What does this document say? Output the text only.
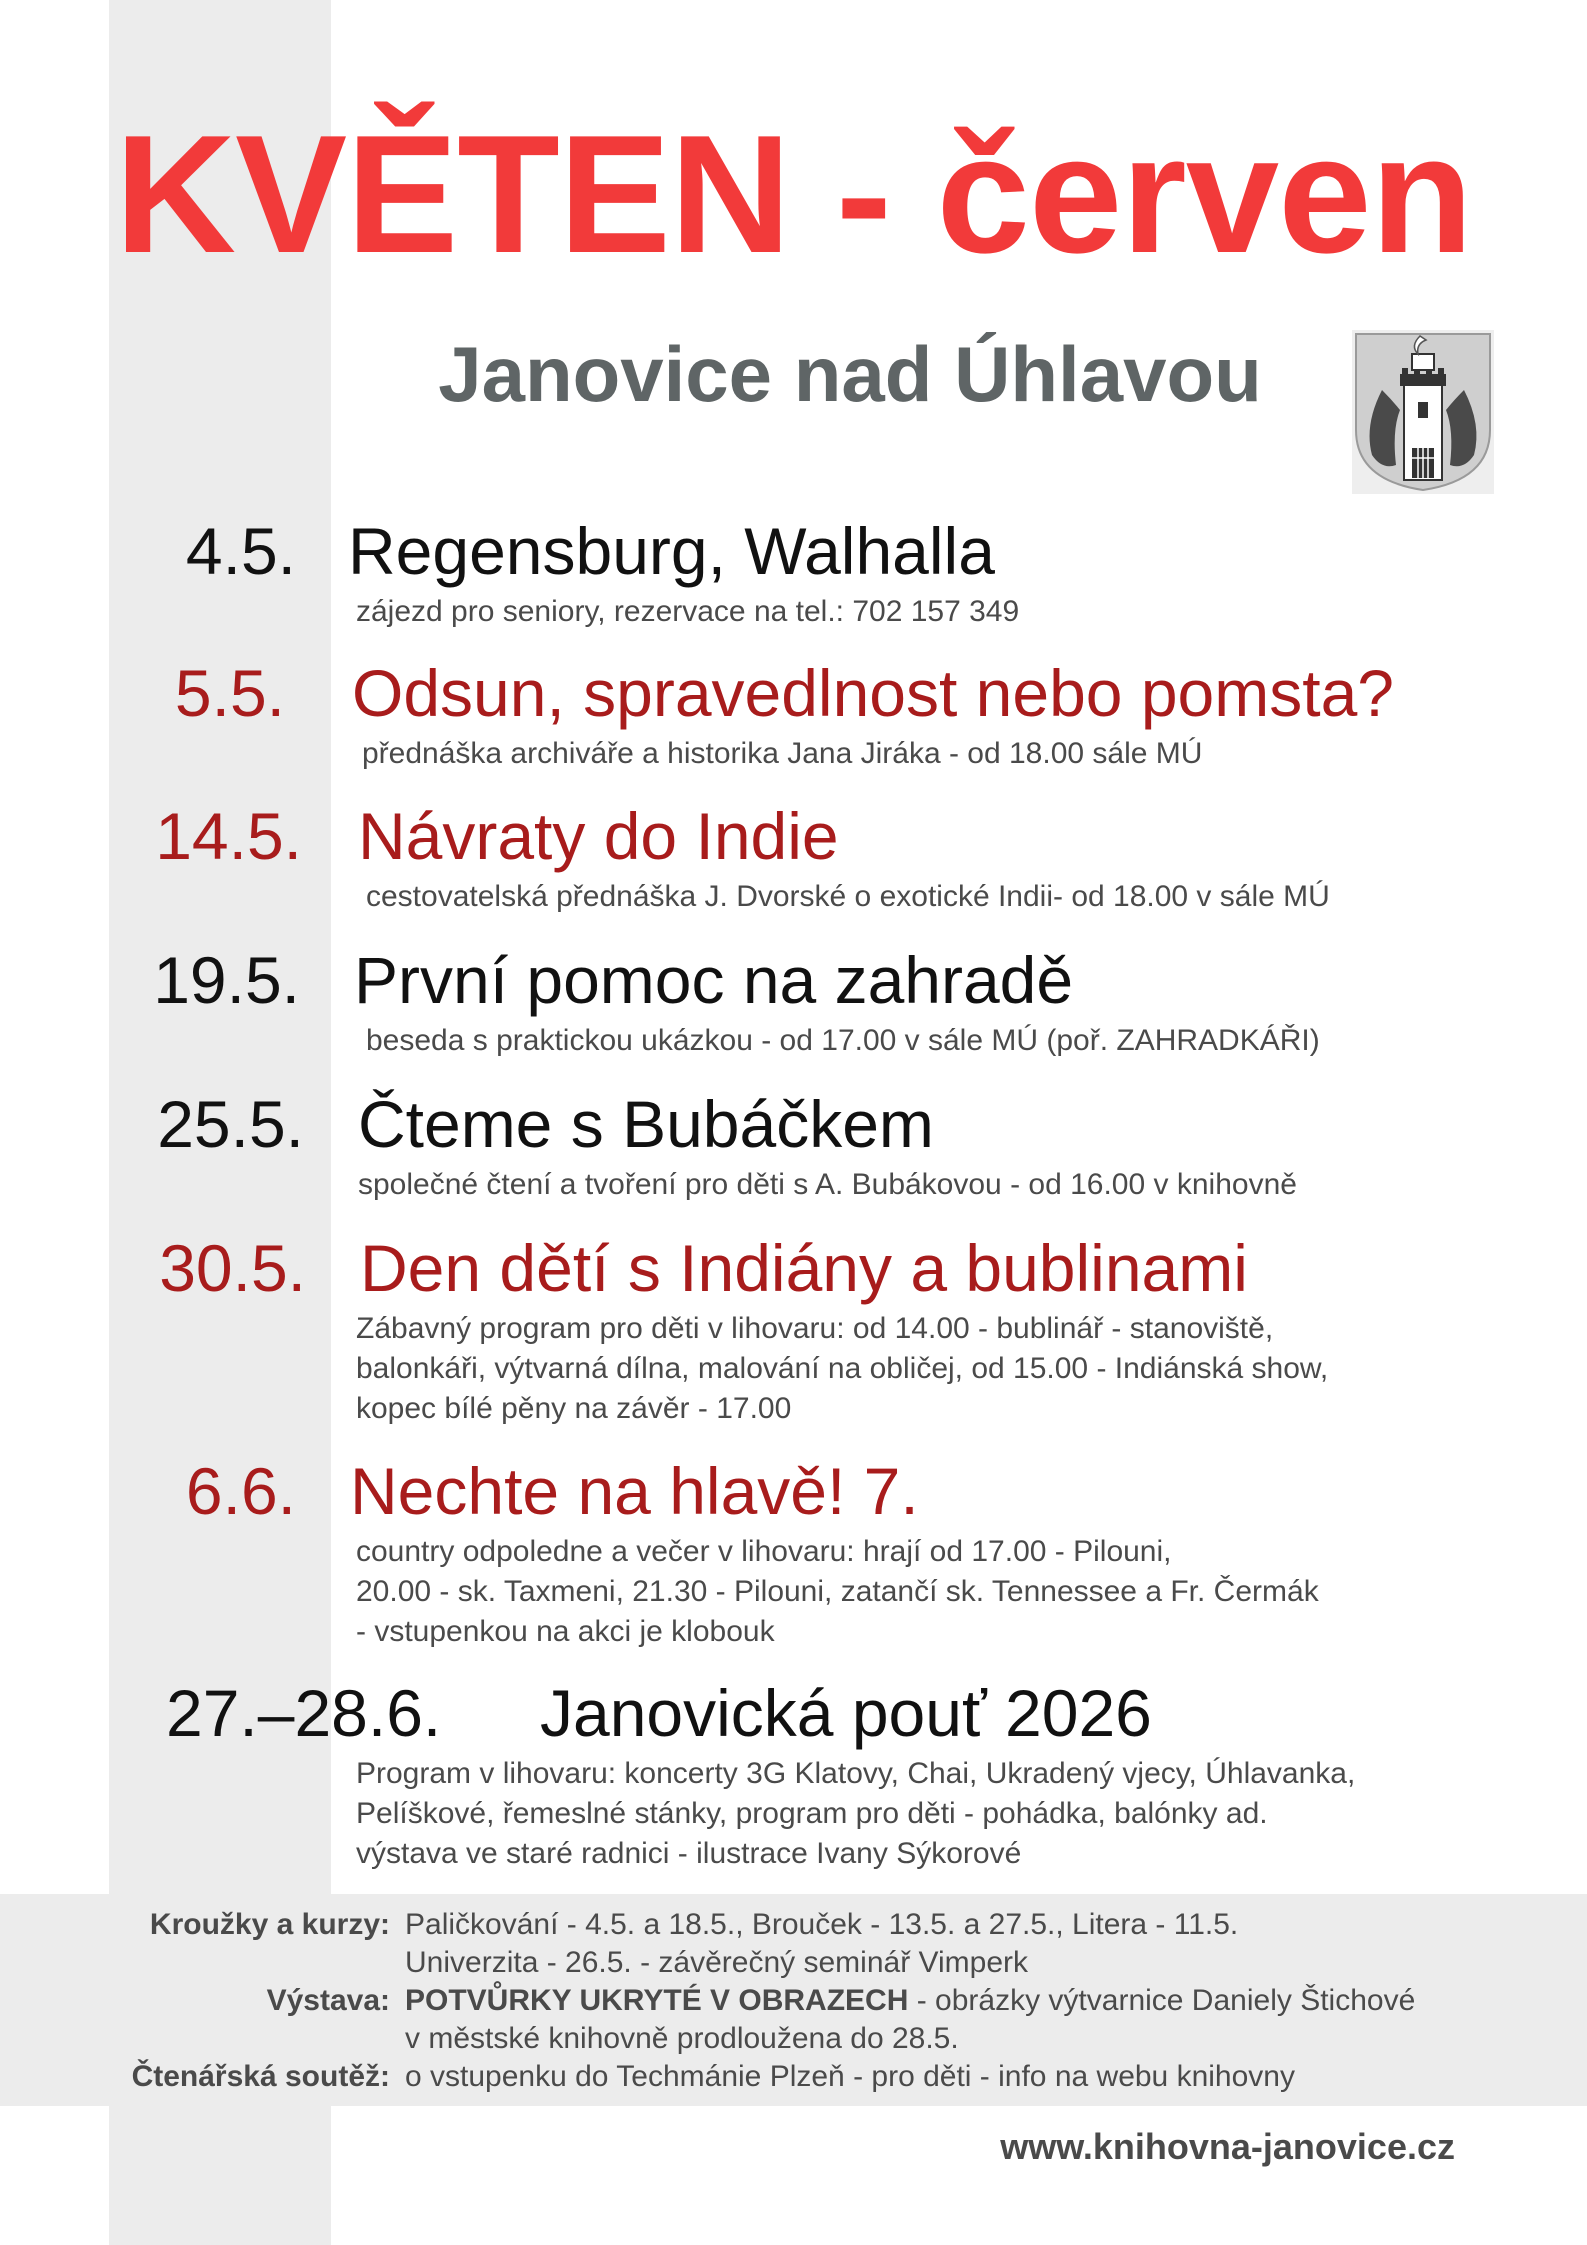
KVĚTEN - červen
Janovice nad Úhlavou

4.5. Regensburg, Walhalla

zájezd pro seniory, rezervace na tel.: 702 157 349

5.5. Odsun, spravedlnost nebo pomsta?

přednáška archiváře a historika Jana Jiráka - od 18.00 sále MÚ

14.5. Návraty do Indie

cestovatelská přednáška J. Dvorské o exotické Indii- od 18.00 v sále MÚ

19.5. První pomoc na zahradě

beseda s praktickou ukázkou - od 17.00 v sále MÚ (poř. ZAHRADKÁŘI)

25.5. Čteme s Bubáčkem

společné čtení a tvoření pro děti s A. Bubákovou - od 16.00 v knihovně

30.5. Den dětí s Indiány a bublinami

Zábavný program pro děti v lihovaru: od 14.00 - bublinář - stanoviště,
balonkáři, výtvarná dílna, malování na obličej, od 15.00 - Indiánská show,
kopec bílé pěny na závěr - 17.00

6.6. Nechte na hlavě! 7.

country odpoledne a večer v lihovaru: hrají od 17.00 - Pilouni,
20.00 - sk. Taxmeni, 21.30 - Pilouni, zatančí sk. Tennessee a Fr. Čermák
- vstupenkou na akci je klobouk

27.–28.6.	Janovická pouť 2026

Program v lihovaru: koncerty 3G Klatovy, Chai, Ukradený vjecy, Úhlavanka,
Pelíškové, řemeslné stánky, program pro děti - pohádka, balónky ad.
výstava ve staré radnici - ilustrace Ivany Sýkorové
Kroužky a kurzy: Paličkování - 4.5. a 18.5., Brouček - 13.5. a 27.5., Litera - 11.5.
Univerzita - 26.5. - závěrečný seminář Vimperk
Výstava: POTVŮRKY UKRYTÉ V OBRAZECH - obrázky výtvarnice Daniely Štichové
v městské knihovně prodloužena do 28.5.
Čtenářská soutěž: o vstupenku do Techmánie Plzeň - pro děti - info na webu knihovny
www.knihovna-janovice.cz
